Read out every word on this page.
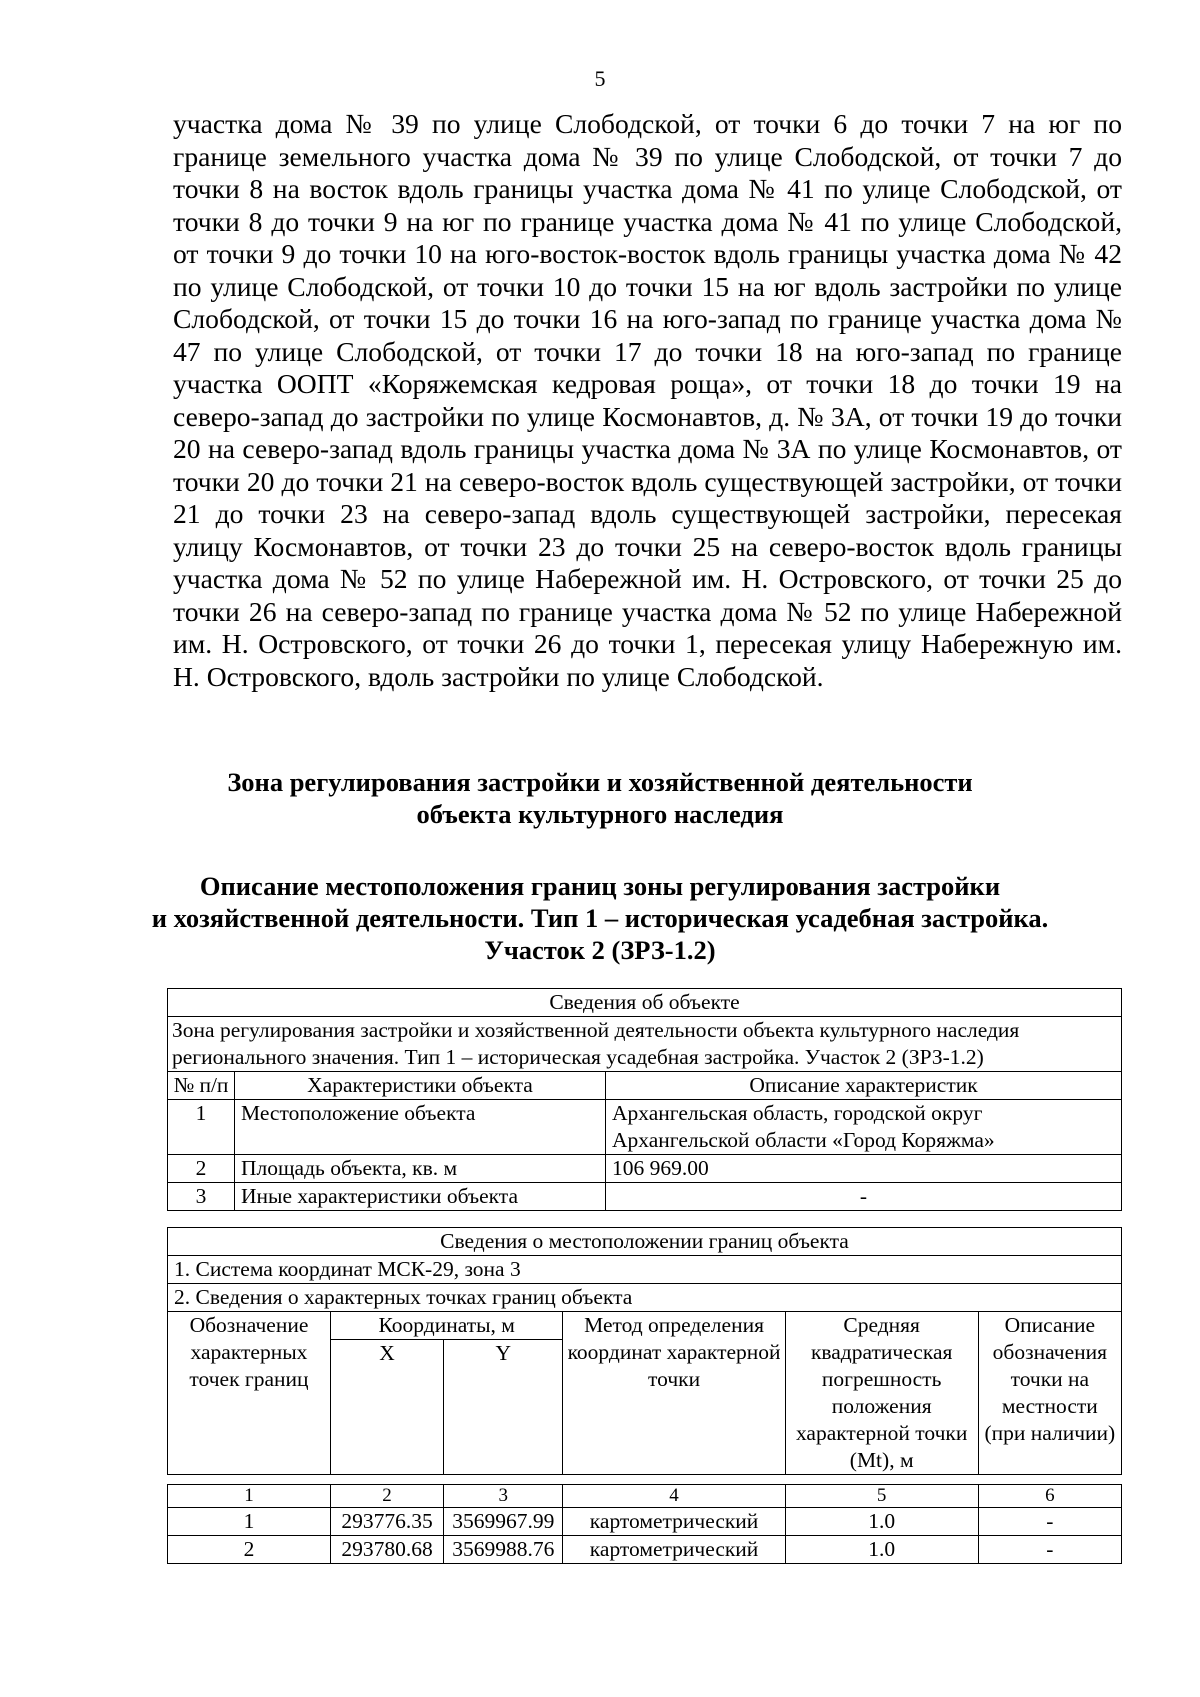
5

участка дома № 39 по улице Слободской, от точки 6 до точки 7 на юг по границе земельного участка дома № 39 по улице Слободской, от точки 7 до точки 8 на восток вдоль границы участка дома № 41 по улице Слободской, от точки 8 до точки 9 на юг по границе участка дома № 41 по улице Слободской, от точки 9 до точки 10 на юго-восток-восток вдоль границы участка дома № 42 по улице Слободской, от точки 10 до точки 15 на юг вдоль застройки по улице Слободской, от точки 15 до точки 16 на юго-запад по границе участка дома № 47 по улице Слободской, от точки 17 до точки 18 на юго-запад по границе участка ООПТ «Коряжемская кедровая роща», от точки 18 до точки 19 на северо-запад до застройки по улице Космонавтов, д. № 3А, от точки 19 до точки 20 на северо-запад вдоль границы участка дома № 3А по улице Космонавтов, от точки 20 до точки 21 на северо-восток вдоль существующей застройки, от точки 21 до точки 23 на северо-запад вдоль существующей застройки, пересекая улицу Космонавтов, от точки 23 до точки 25 на северо-восток вдоль границы участка дома № 52 по улице Набережной им. Н. Островского, от точки 25 до точки 26 на северо-запад по границе участка дома № 52 по улице Набережной им. Н. Островского, от точки 26 до точки 1, пересекая улицу Набережную им. Н. Островского, вдоль застройки по улице Слободской.

Зона регулирования застройки и хозяйственной деятельности
объекта культурного наследия
Описание местоположения границ зоны регулирования застройки
и хозяйственной деятельности. Тип 1 – историческая усадебная застройка.
Участок 2 (ЗРЗ-1.2)
Сведения об объекте		
Зона регулирования застройки и хозяйственной деятельности объекта культурного наследия регионального значения. Тип 1 – историческая усадебная застройка. Участок 2 (ЗРЗ-1.2)		
№ п/п	Характеристики объекта	Описание характеристик
1	Местоположение объекта	Архангельская область, городской округ Архангельской области «Город Коряжма»
2	Площадь объекта, кв. м	106 969.00
3	Иные характеристики объекта	-
Сведения о местоположении границ объекта					
1. Система координат МСК-29, зона 3					
2. Сведения о характерных точках границ объекта					
Обозначение характерных точек границ	Координаты, м		Метод определения координат характерной точки	Средняя квадратическая погрешность положения характерной точки (Mt), м	Описание обозначения точки на местности (при наличии)
	X	Y			
1	2	3	4	5	6
1	293776.35	3569967.99	картометрический	1.0	-
2	293780.68	3569988.76	картометрический	1.0	-
